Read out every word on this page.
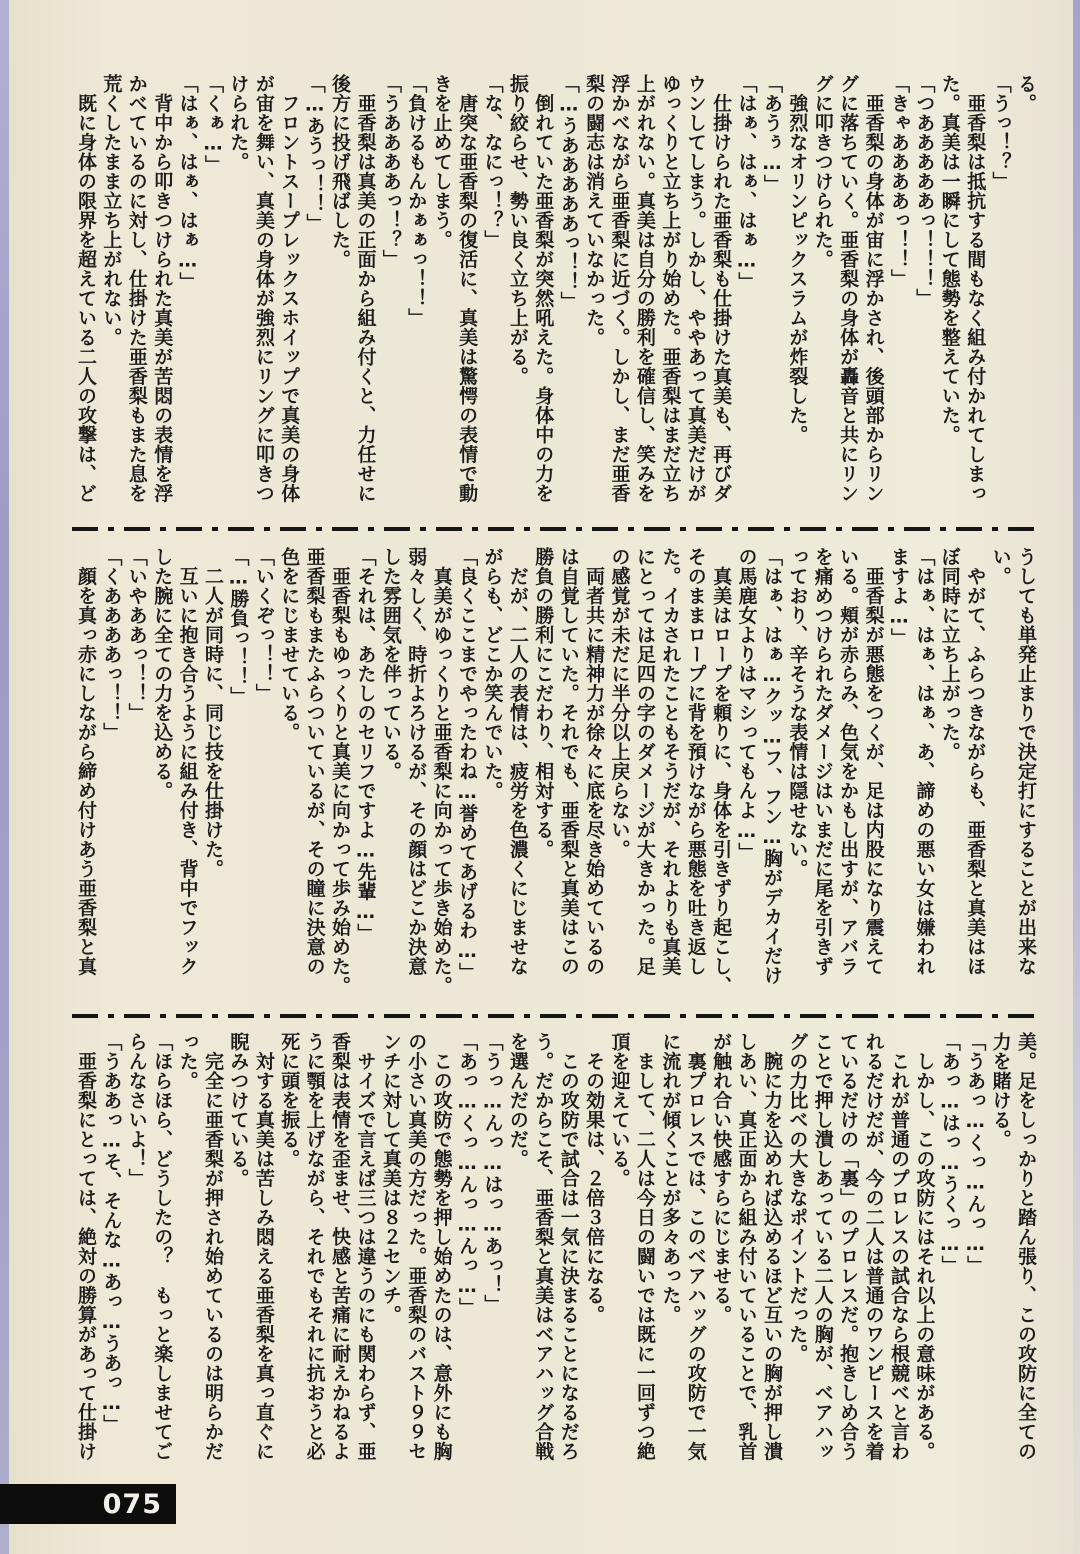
る。

「うっ！？」

　亜香梨は抵抗する間もなく組み付かれてしまっ

た。真美は一瞬にして態勢を整えていた。

「つあああああっ！！！」

「きゃああああっ！！」

　亜香梨の身体が宙に浮かされ、後頭部からリン

グに落ちていく。亜香梨の身体が轟音と共にリン

グに叩きつけられた。

　強烈なオリンピックスラムが炸裂した。

「あうぅ…」

「はぁ、はぁ、はぁ…」

　仕掛けられた亜香梨も仕掛けた真美も、再びダ

ウンしてしまう。しかし、ややあって真美だけが

ゆっくりと立ち上がり始めた。亜香梨はまだ立ち

上がれない。真美は自分の勝利を確信し、笑みを

浮かべながら亜香梨に近づく。しかし、まだ亜香

梨の闘志は消えていなかった。

「…うあああああっ！！」

　倒れていた亜香梨が突然吼えた。身体中の力を

振り絞らせ、勢い良く立ち上がる。

「な、なにっ！？」

　唐突な亜香梨の復活に、真美は驚愕の表情で動

きを止めてしまう。

「負けるもんかぁぁっ！！」

「うああああっ！？」

　亜香梨は真美の正面から組み付くと、力任せに

後方に投げ飛ばした。

「…あうっ！！」

　フロントスープレックスホイップで真美の身体

が宙を舞い、真美の身体が強烈にリングに叩きつ

けられた。

「くぁ…」

「はぁ、はぁ、はぁ…」

　背中から叩きつけられた真美が苦悶の表情を浮

かべているのに対し、仕掛けた亜香梨もまた息を

荒くしたまま立ち上がれない。

　既に身体の限界を超えている二人の攻撃は、ど

うしても単発止まりで決定打にすることが出来な

い。

　やがて、ふらつきながらも、亜香梨と真美はほ

ぼ同時に立ち上がった。

「はぁ、はぁ、はぁ、あ、諦めの悪い女は嫌われ

ますよ…」

　亜香梨が悪態をつくが、足は内股になり震えて

いる。頬が赤らみ、色気をかもし出すが、アバラ

を痛めつけられたダメージはいまだに尾を引きず

っており、辛そうな表情は隠せない。

「はぁ、はぁ…クッ…フ、フン…胸がデカイだけ

の馬鹿女よりはマシってもんよ…」

　真美はロープを頼りに、身体を引きずり起こし、

そのままロープに背を預けながら悪態を吐き返し

た。イカされたこともそうだが、それよりも真美

にとっては足四の字のダメージが大きかった。足

の感覚が未だに半分以上戻らない。

　両者共に精神力が徐々に底を尽き始めているの

は自覚していた。それでも、亜香梨と真美はこの

勝負の勝利にこだわり、相対する。

　だが、二人の表情は、疲労を色濃くにじませな

がらも、どこか笑んでいた。

「良くここまでやったわね…誉めてあげるわ…」

　真美がゆっくりと亜香梨に向かって歩き始めた。

弱々しく、時折よろけるが、その顔はどこか決意

した雰囲気を伴っている。

「それは、あたしのセリフですよ…先輩…」

　亜香梨もゆっくりと真美に向かって歩み始めた。

亜香梨もまたふらついているが、その瞳に決意の

色をにじませている。

「いくぞっ！！」

「…勝負っ！！」

　二人が同時に、同じ技を仕掛けた。

　互いに抱き合うように組み付き、背中でフック

した腕に全ての力を込める。

「いやああっ！！」

「くああああっ！！」

　顔を真っ赤にしながら締め付けあう亜香梨と真

美。足をしっかりと踏ん張り、この攻防に全ての

力を賭ける。

「うあっ…くっ…んっ…」

「あっ…はっ…うくっ…」

　しかし、この攻防にはそれ以上の意味がある。

　これが普通のプロレスの試合なら根競べと言わ

れるだけだが、今の二人は普通のワンピースを着

ているだけの「裏」のプロレスだ。抱きしめ合う

ことで押し潰しあっている二人の胸が、ベアハッ

グの力比べの大きなポイントだった。

　腕に力を込めれば込めるほど互いの胸が押し潰

しあい、真正面から組み付いていることで、乳首

が触れ合い快感すらにじませる。

　裏プロレスでは、このベアハッグの攻防で一気

に流れが傾くことが多々あった。

　まして、二人は今日の闘いでは既に一回ずつ絶

頂を迎えている。

　その効果は、２倍３倍になる。

　この攻防で試合は一気に決まることになるだろ

う。だからこそ、亜香梨と真美はベアハッグ合戦

を選んだのだ。

「うっ…んっ…はっ…あっ！」

「あっ…くっ…んっ…んっ…」

　この攻防で態勢を押し始めたのは、意外にも胸

の小さい真美の方だった。亜香梨のバスト９９セ

ンチに対して真美は８２センチ。

　サイズで言えば三つは違うのにも関わらず、亜

香梨は表情を歪ませ、快感と苦痛に耐えかねるよ

うに顎を上げながら、それでもそれに抗おうと必

死に頭を振る。

　対する真美は苦しみ悶える亜香梨を真っ直ぐに

睨みつけている。

　完全に亜香梨が押され始めているのは明らかだ

った。

「ほらほら、どうしたの？　もっと楽しませてご

らんなさいよ！」

「うああっ…そ、そんな…あっ…うあっ…」

　亜香梨にとっては、絶対の勝算があって仕掛け

075
